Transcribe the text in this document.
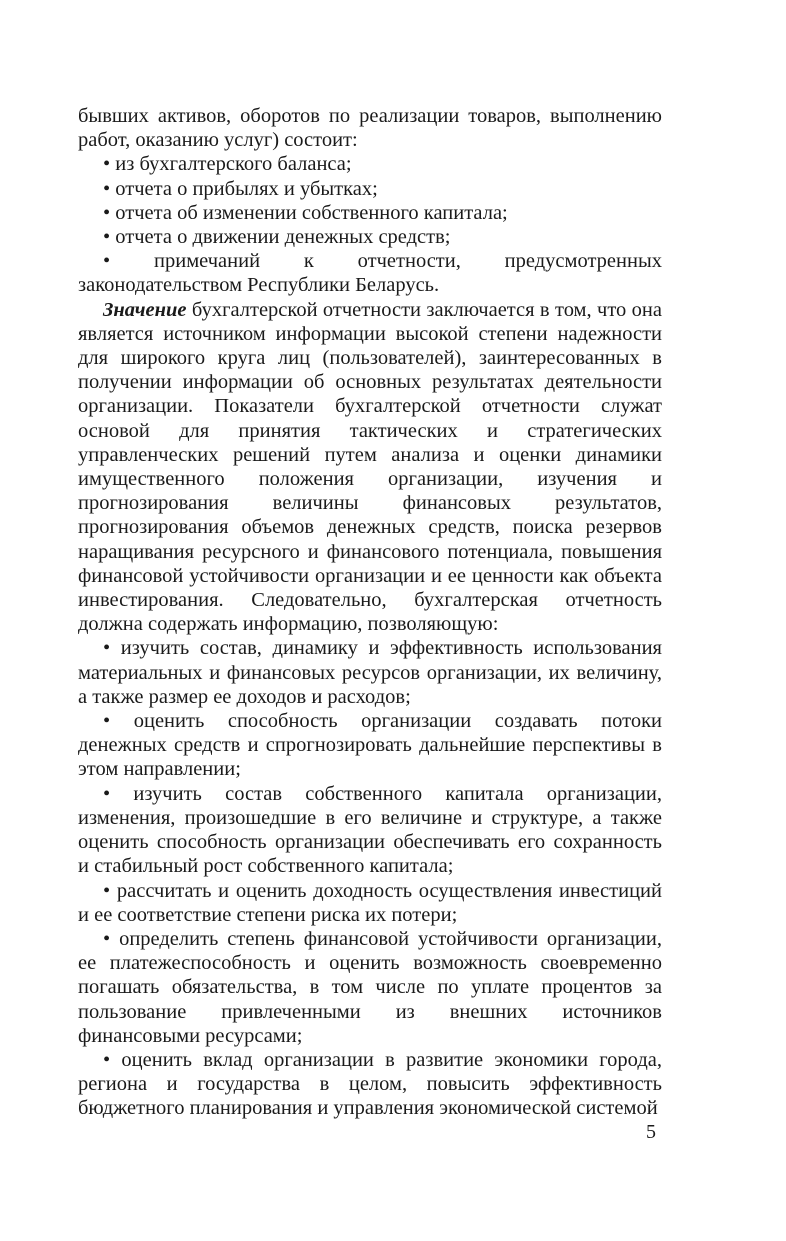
бывших активов, оборотов по реализации товаров, выполнению работ, оказанию услуг) состоит:

• из бухгалтерского баланса;

• отчета о прибылях и убытках;

• отчета об изменении собственного капитала;

• отчета о движении денежных средств;

• примечаний к отчетности, предусмотренных законодательством Республики Беларусь.

Значение бухгалтерской отчетности заключается в том, что она является источником информации высокой степени надежности для широкого круга лиц (пользователей), заинтересованных в получении информации об основных результатах деятельности организации. Показатели бухгалтерской отчетности служат основой для принятия тактических и стратегических управленческих решений путем анализа и оценки динамики имущественного положения организации, изучения и прогнозирования величины финансовых результатов, прогнозирования объемов денежных средств, поиска резервов наращивания ресурсного и финансового потенциала, повышения финансовой устойчивости организации и ее ценности как объекта инвестирования. Следовательно, бухгалтерская отчетность должна содержать информацию, позволяющую:

• изучить состав, динамику и эффективность использования материальных и финансовых ресурсов организации, их величину, а также размер ее доходов и расходов;

• оценить способность организации создавать потоки денежных средств и спрогнозировать дальнейшие перспективы в этом направлении;

• изучить состав собственного капитала организации, изменения, произошедшие в его величине и структуре, а также оценить способность организации обеспечивать его сохранность и стабильный рост собственного капитала;

• рассчитать и оценить доходность осуществления инвестиций и ее соответствие степени риска их потери;

• определить степень финансовой устойчивости организации, ее платежеспособность и оценить возможность своевременно погашать обязательства, в том числе по уплате процентов за пользование привлеченными из внешних источников финансовыми ресурсами;

• оценить вклад организации в развитие экономики города, региона и государства в целом, повысить эффективность бюджетного планирования и управления экономической системой

5
